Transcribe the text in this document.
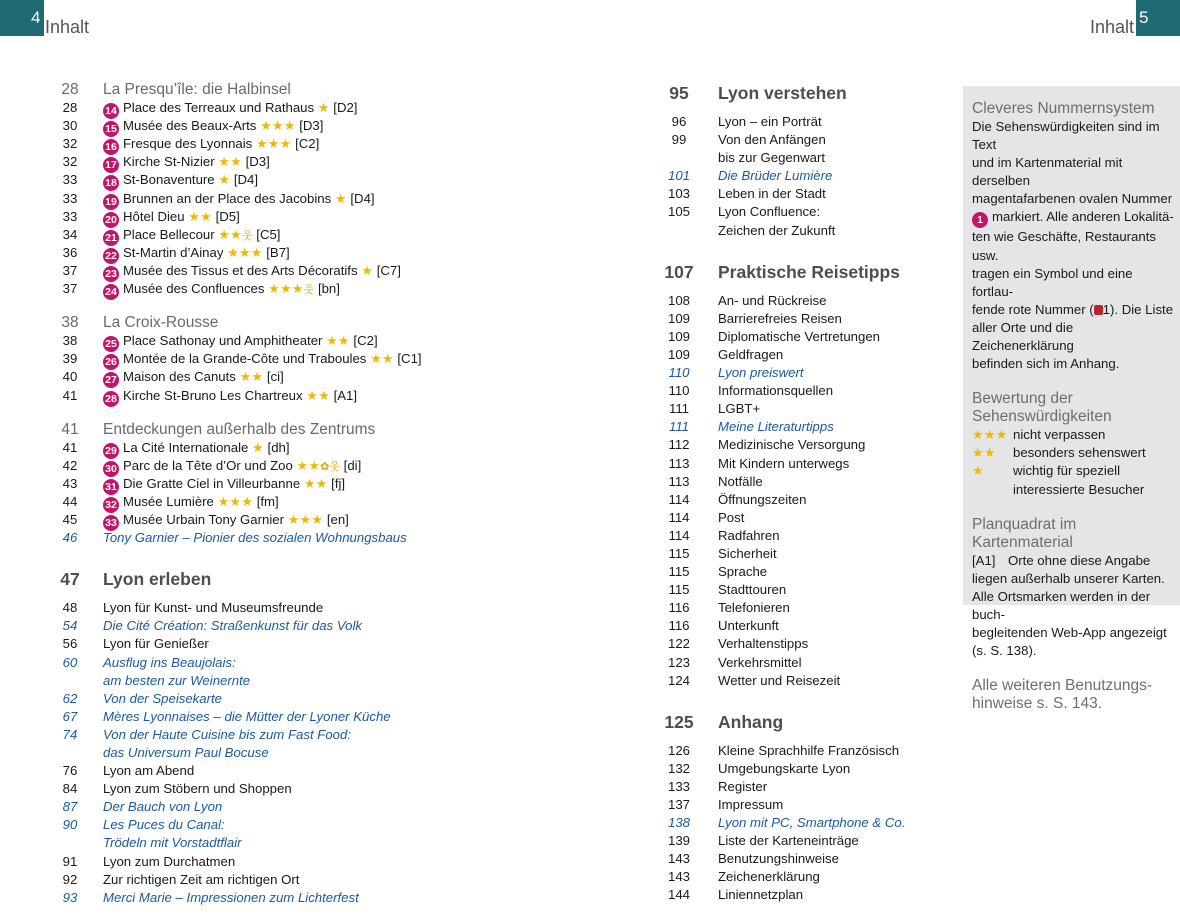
4 Inhalt	Inhalt 5
28	La Presqu’île: die Halbinsel
28	14 Place des Terreaux und Rathaus ★ [D2]
30	15 Musée des Beaux-Arts ★★★ [D3]
32	16 Fresque des Lyonnais ★★★ [C2]
32	17 Kirche St-Nizier ★★ [D3]
33	18 St-Bonaventure ★ [D4]
33	19 Brunnen an der Place des Jacobins ★ [D4]
33	20 Hôtel Dieu ★★ [D5]
34	21 Place Bellecour ★★웃 [C5]
36	22 St-Martin d’Ainay ★★★ [B7]
37	23 Musée des Tissus et des Arts Décoratifs ★ [C7]
37	24 Musée des Confluences ★★★웃 [bn]
38	La Croix-Rousse
38	25 Place Sathonay und Amphitheater ★★ [C2]
39	26 Montée de la Grande-Côte und Traboules ★★ [C1]
40	27 Maison des Canuts ★★ [ci]
41	28 Kirche St-Bruno Les Chartreux ★★ [A1]
41	Entdeckungen außerhalb des Zentrums
41	29 La Cité Internationale ★ [dh]
42	30 Parc de la Tête d’Or und Zoo ★★✿웃 [di]
43	31 Die Gratte Ciel in Villeurbanne ★★ [fj]
44	32 Musée Lumière ★★★ [fm]
45	33 Musée Urbain Tony Garnier ★★★ [en]
46	Tony Garnier – Pionier des sozialen Wohnungsbaus
47	Lyon erleben
48	Lyon für Kunst- und Museumsfreunde
54	Die Cité Création: Straßenkunst für das Volk
56	Lyon für Genießer
60	Ausflug ins Beaujolais:
am besten zur Weinernte
62	Von der Speisekarte
67	Mères Lyonnaises – die Mütter der Lyoner Küche
74	Von der Haute Cuisine bis zum Fast Food:
das Universum Paul Bocuse
76	Lyon am Abend
84	Lyon zum Stöbern und Shoppen
87	Der Bauch von Lyon
90	Les Puces du Canal:
Trödeln mit Vorstadtflair
91	Lyon zum Durchatmen
92	Zur richtigen Zeit am richtigen Ort
93	Merci Marie – Impressionen zum Lichterfest
95	Lyon verstehen
96	Lyon – ein Porträt
99	Von den Anfängen
bis zur Gegenwart
101	Die Brüder Lumière
103	Leben in der Stadt
105	Lyon Confluence:
Zeichen der Zukunft
107	Praktische Reisetipps
108	An- und Rückreise
109	Barrierefreies Reisen
109	Diplomatische Vertretungen
109	Geldfragen
110	Lyon preiswert
110	Informationsquellen
111	LGBT+
111	Meine Literaturtipps
112	Medizinische Versorgung
113	Mit Kindern unterwegs
113	Notfälle
114	Öffnungszeiten
114	Post
114	Radfahren
115	Sicherheit
115	Sprache
115	Stadttouren
116	Telefonieren
116	Unterkunft
122	Verhaltenstipps
123	Verkehrsmittel
124	Wetter und Reisezeit
125	Anhang
126	Kleine Sprachhilfe Französisch
132	Umgebungskarte Lyon
133	Register
137	Impressum
138	Lyon mit PC, Smartphone & Co.
139	Liste der Karteneinträge
143	Benutzungshinweise
143	Zeichenerklärung
144	Liniennetzplan
Cleveres Nummernsystem
Die Sehenswürdigkeiten sind im Text
und im Kartenmaterial mit derselben
magentafarbenen ovalen Nummer
1 markiert. Alle anderen Lokalitä-
ten wie Geschäfte, Restaurants usw.
tragen ein Symbol und eine fortlau-
fende rote Nummer ( 1). Die Liste
aller Orte und die Zeichenerklärung
befinden sich im Anhang.
Bewertung der
Sehenswürdigkeiten
★★★ nicht verpassen
★★ besonders sehenswert
★ wichtig für speziell
interessierte Besucher
Planquadrat im Kartenmaterial
[A1] Orte ohne diese Angabe
liegen außerhalb unserer Karten.
Alle Ortsmarken werden in der buch-
begleitenden Web-App angezeigt
(s. S. 138).
Alle weiteren Benutzungs-
hinweise s. S. 143.
